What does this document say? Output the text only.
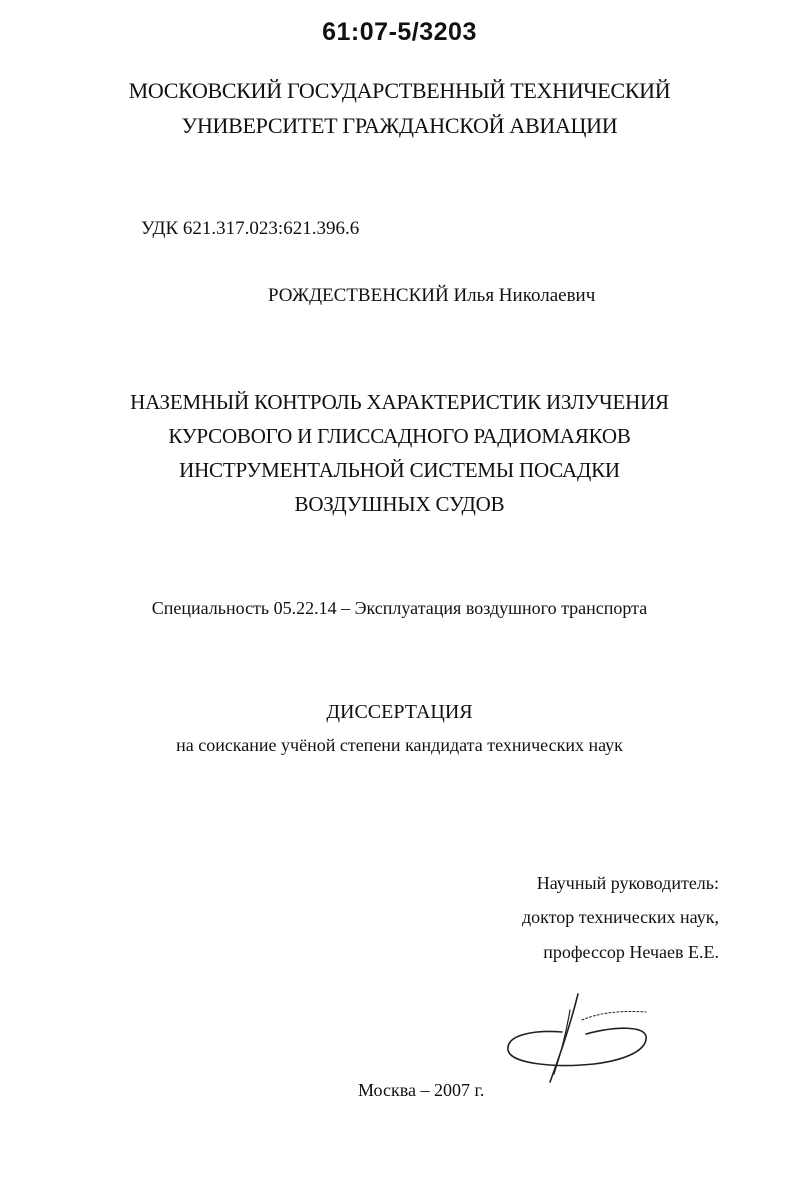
61:07-5/3203
МОСКОВСКИЙ ГОСУДАРСТВЕННЫЙ ТЕХНИЧЕСКИЙ
УНИВЕРСИТЕТ ГРАЖДАНСКОЙ АВИАЦИИ
УДК 621.317.023:621.396.6
РОЖДЕСТВЕНСКИЙ Илья Николаевич
НАЗЕМНЫЙ КОНТРОЛЬ ХАРАКТЕРИСТИК ИЗЛУЧЕНИЯ
КУРСОВОГО И ГЛИССАДНОГО РАДИОМАЯКОВ
ИНСТРУМЕНТАЛЬНОЙ СИСТЕМЫ ПОСАДКИ
ВОЗДУШНЫХ СУДОВ
Специальность 05.22.14 – Эксплуатация воздушного транспорта
ДИССЕРТАЦИЯ
на соискание учёной степени кандидата технических наук
Научный руководитель:
доктор технических наук,
профессор Нечаев Е.Е.
Москва – 2007 г.
